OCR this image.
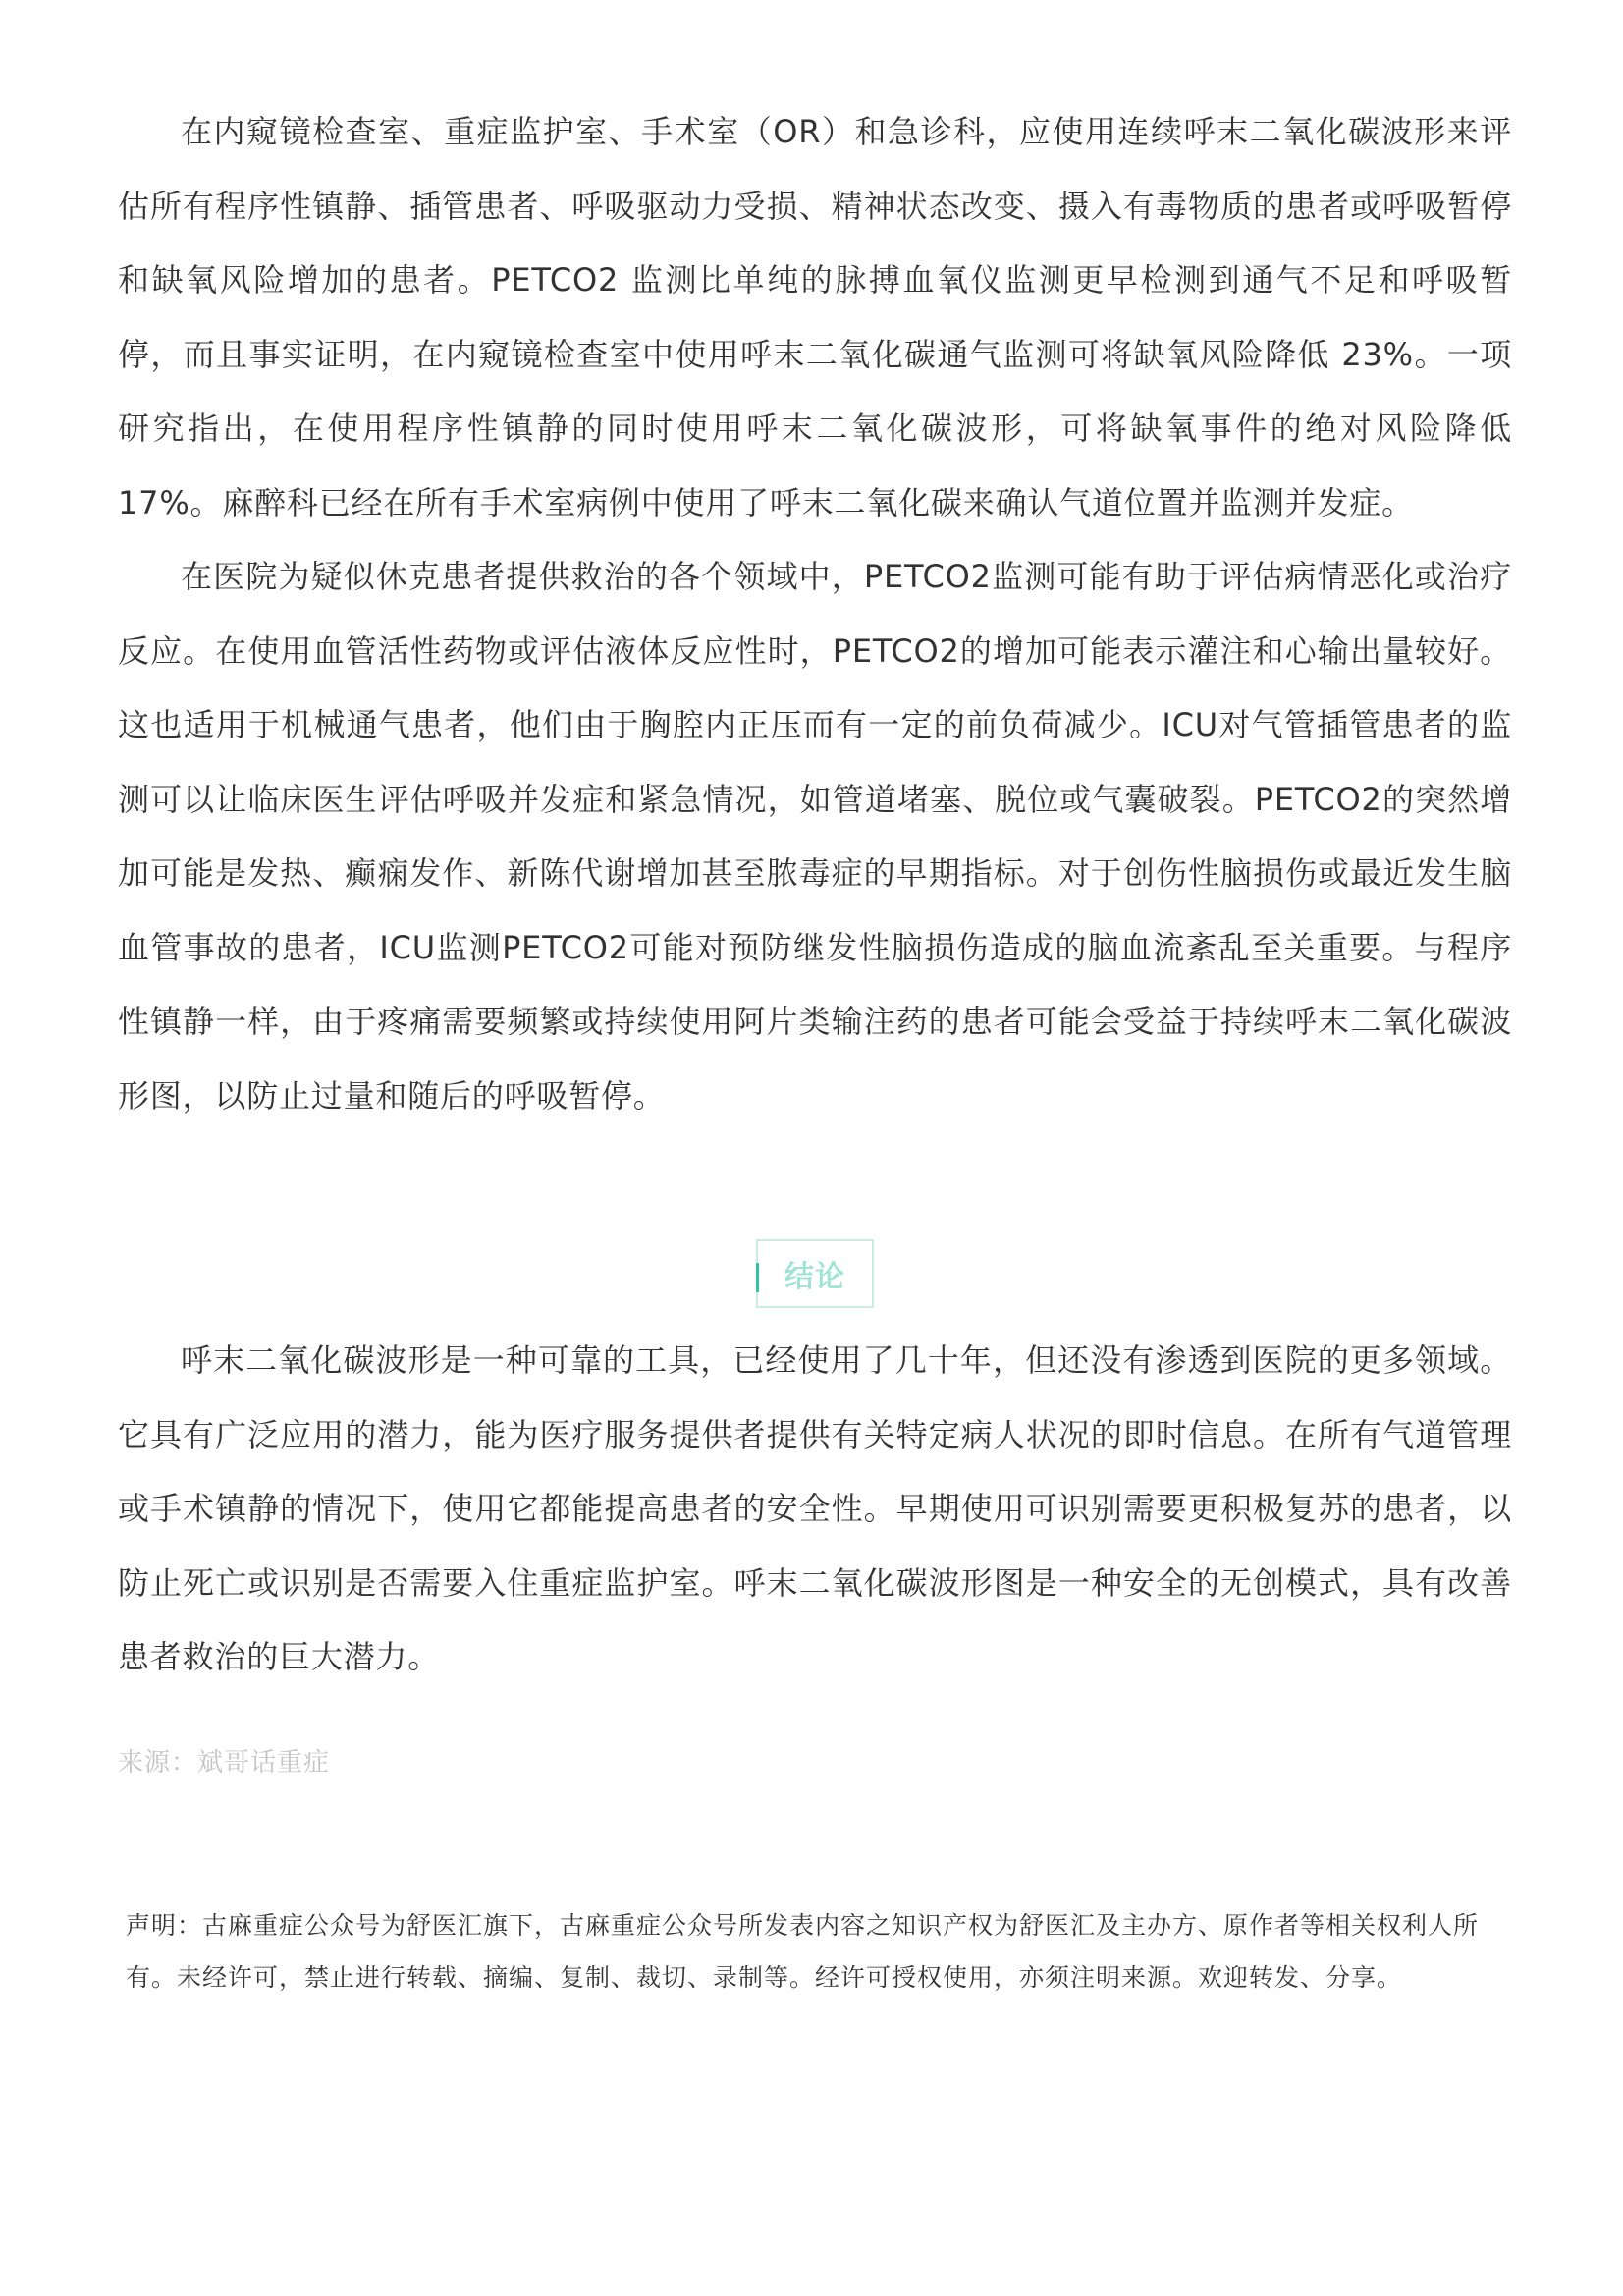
在内窥镜检查室、重症监护室、手术室（OR）和急诊科，应使用连续呼末二氧化碳波形来评估所有程序性镇静、插管患者、呼吸驱动力受损、精神状态改变、摄入有毒物质的患者或呼吸暂停和缺氧风险增加的患者。PETCO2 监测比单纯的脉搏血氧仪监测更早检测到通气不足和呼吸暂停，而且事实证明，在内窥镜检查室中使用呼末二氧化碳通气监测可将缺氧风险降低 23%。一项研究指出，在使用程序性镇静的同时使用呼末二氧化碳波形，可将缺氧事件的绝对风险降低 17%。麻醉科已经在所有手术室病例中使用了呼末二氧化碳来确认气道位置并监测并发症。

在医院为疑似休克患者提供救治的各个领域中，PETCO2监测可能有助于评估病情恶化或治疗反应。在使用血管活性药物或评估液体反应性时，PETCO2的增加可能表示灌注和心输出量较好。这也适用于机械通气患者，他们由于胸腔内正压而有一定的前负荷减少。ICU对气管插管患者的监测可以让临床医生评估呼吸并发症和紧急情况，如管道堵塞、脱位或气囊破裂。PETCO2的突然增加可能是发热、癫痫发作、新陈代谢增加甚至脓毒症的早期指标。对于创伤性脑损伤或最近发生脑血管事故的患者，ICU监测PETCO2可能对预防继发性脑损伤造成的脑血流紊乱至关重要。与程序性镇静一样，由于疼痛需要频繁或持续使用阿片类输注药的患者可能会受益于持续呼末二氧化碳波形图，以防止过量和随后的呼吸暂停。

结论

呼末二氧化碳波形是一种可靠的工具，已经使用了几十年，但还没有渗透到医院的更多领域。它具有广泛应用的潜力，能为医疗服务提供者提供有关特定病人状况的即时信息。在所有气道管理或手术镇静的情况下，使用它都能提高患者的安全性。早期使用可识别需要更积极复苏的患者，以防止死亡或识别是否需要入住重症监护室。呼末二氧化碳波形图是一种安全的无创模式，具有改善患者救治的巨大潜力。

来源：斌哥话重症
声明：古麻重症公众号为舒医汇旗下，古麻重症公众号所发表内容之知识产权为舒医汇及主办方、原作者等相关权利人所有。未经许可，禁止进行转载、摘编、复制、裁切、录制等。经许可授权使用，亦须注明来源。欢迎转发、分享。
